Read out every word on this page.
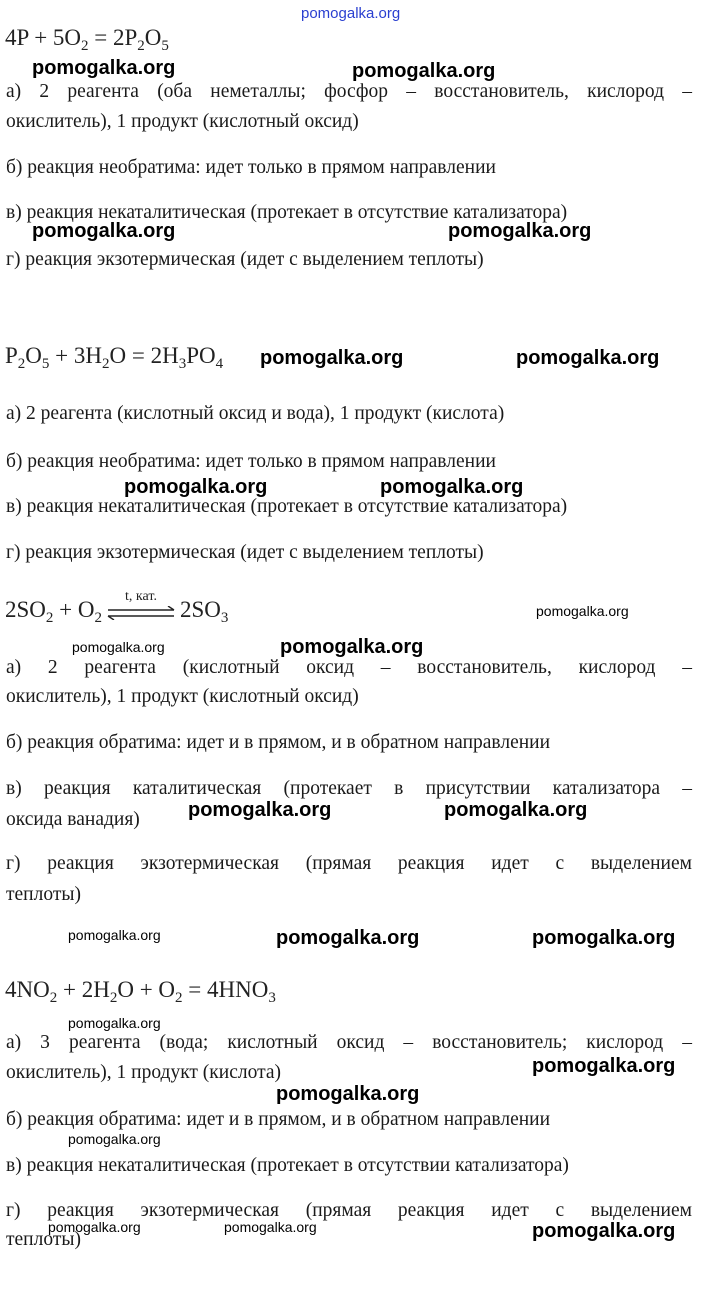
$4P + 5O_2 = 2P_2O_5$
а) 2 реагента (оба неметаллы; фосфор – восстановитель, кислород –
окислитель), 1 продукт (кислотный оксид)
б) реакция необратима: идет только в прямом направлении
в) реакция некаталитическая (протекает в отсутствие катализатора)
г) реакция экзотермическая (идет с выделением теплоты)
$P_2O_5 + 3H_2O = 2H_3PO_4$
а) 2 реагента (кислотный оксид и вода), 1 продукт (кислота)
б) реакция необратима: идет только в прямом направлении
в) реакция некаталитическая (протекает в отсутствие катализатора)
г) реакция экзотермическая (идет с выделением теплоты)
$2SO_2 + O_2$
t, кат.
$2SO_3$
а) 2 реагента (кислотный оксид – восстановитель, кислород –
окислитель), 1 продукт (кислотный оксид)
б) реакция обратима: идет и в прямом, и в обратном направлении
в) реакция каталитическая (протекает в присутствии катализатора –
оксида ванадия)
г) реакция экзотермическая (прямая реакция идет с выделением
теплоты)
$4NO_2 + 2H_2O + O_2 = 4HNO_3$
а) 3 реагента (вода; кислотный оксид – восстановитель; кислород –
окислитель), 1 продукт (кислота)
б) реакция обратима: идет и в прямом, и в обратном направлении
в) реакция некаталитическая (протекает в отсутствии катализатора)
г) реакция экзотермическая (прямая реакция идет с выделением
теплоты)
pomogalka.org
pomogalka.org	pomogalka.org
pomogalka.org	pomogalka.org
pomogalka.org	pomogalka.org
pomogalka.org	pomogalka.org
pomogalka.org
pomogalka.org	pomogalka.org
pomogalka.org	pomogalka.org
pomogalka.org	pomogalka.org	pomogalka.org
pomogalka.org
pomogalka.org
pomogalka.org
pomogalka.org
pomogalka.org	pomogalka.org	pomogalka.org
